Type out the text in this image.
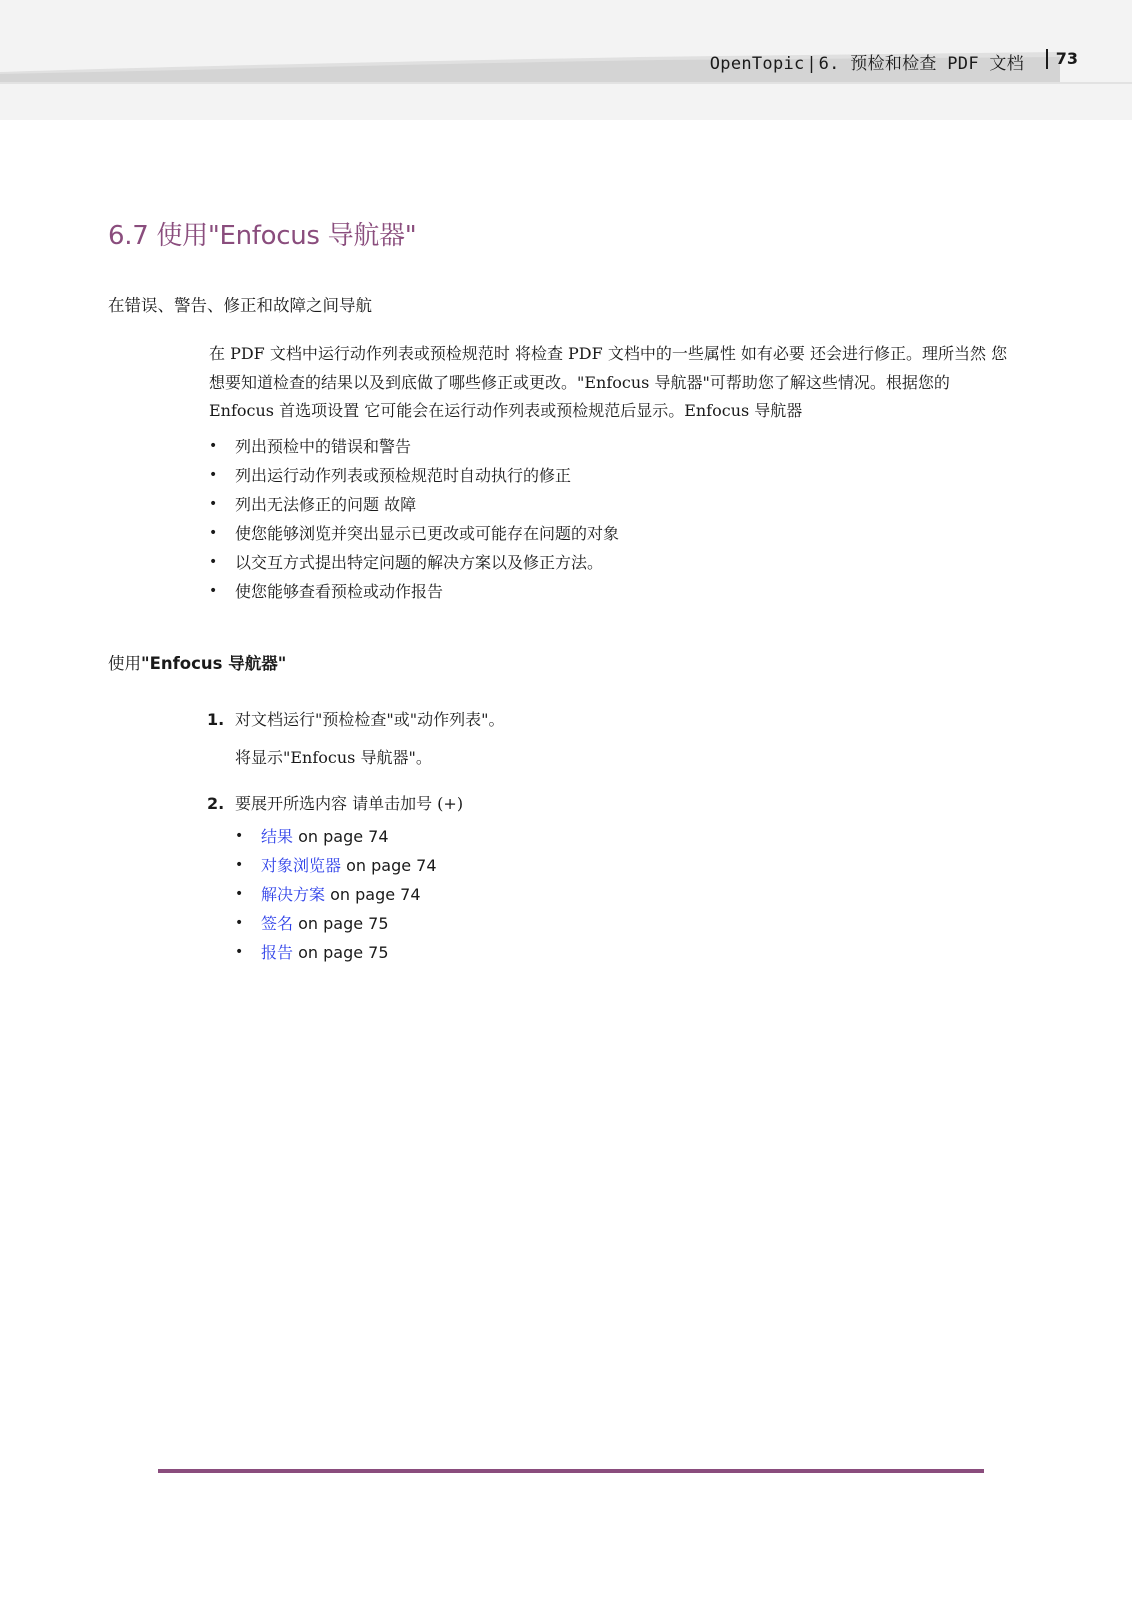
OpenTopic | 6. 预检和检查 PDF 文档	73
6.7 使用"Enfocus 导航器"
在错误、警告、修正和故障之间导航

在 PDF 文档中运行动作列表或预检规范时 将检查 PDF 文档中的一些属性 如有必要 还会进行修正。理所当然 您想要知道检查的结果以及到底做了哪些修正或更改。"Enfocus 导航器"可帮助您了解这些情况。根据您的 Enfocus 首选项设置 它可能会在运行动作列表或预检规范后显示。Enfocus 导航器

• 列出预检中的错误和警告
• 列出运行动作列表或预检规范时自动执行的修正
• 列出无法修正的问题 故障
• 使您能够浏览并突出显示已更改或可能存在问题的对象
• 以交互方式提出特定问题的解决方案以及修正方法。
• 使您能够查看预检或动作报告
使用"Enfocus 导航器"
1. 对文档运行"预检检查"或"动作列表"。
将显示"Enfocus 导航器"。
2. 要展开所选内容 请单击加号 (+)
• 结果 on page 74
• 对象浏览器 on page 74
• 解决方案 on page 74
• 签名 on page 75
• 报告 on page 75
